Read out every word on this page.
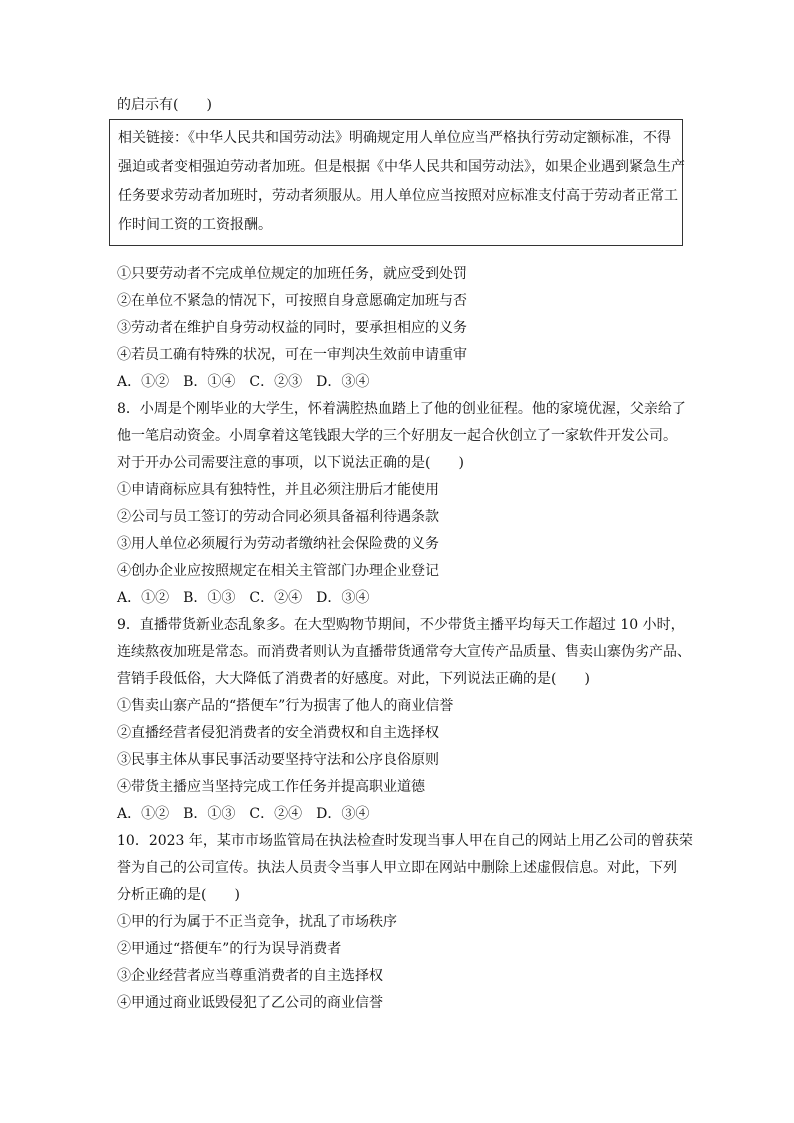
的启示有(　　)
相关链接：《中华人民共和国劳动法》明确规定用人单位应当严格执行劳动定额标准，不得
强迫或者变相强迫劳动者加班。但是根据《中华人民共和国劳动法》，如果企业遇到紧急生产
任务要求劳动者加班时，劳动者须服从。用人单位应当按照对应标准支付高于劳动者正常工
作时间工资的工资报酬。
①只要劳动者不完成单位规定的加班任务，就应受到处罚
②在单位不紧急的情况下，可按照自身意愿确定加班与否
③劳动者在维护自身劳动权益的同时，要承担相应的义务
④若员工确有特殊的状况，可在一审判决生效前申请重审
A．①②　B．①④　C．②③　D．③④
8．小周是个刚毕业的大学生，怀着满腔热血踏上了他的创业征程。他的家境优渥，父亲给了
他一笔启动资金。小周拿着这笔钱跟大学的三个好朋友一起合伙创立了一家软件开发公司。
对于开办公司需要注意的事项，以下说法正确的是(　　)
①申请商标应具有独特性，并且必须注册后才能使用
②公司与员工签订的劳动合同必须具备福利待遇条款
③用人单位必须履行为劳动者缴纳社会保险费的义务
④创办企业应按照规定在相关主管部门办理企业登记
A．①②　B．①③　C．②④　D．③④
9．直播带货新业态乱象多。在大型购物节期间，不少带货主播平均每天工作超过 10 小时，
连续熬夜加班是常态。而消费者则认为直播带货通常夸大宣传产品质量、售卖山寨伪劣产品、
营销手段低俗，大大降低了消费者的好感度。对此，下列说法正确的是(　　)
①售卖山寨产品的“搭便车”行为损害了他人的商业信誉
②直播经营者侵犯消费者的安全消费权和自主选择权
③民事主体从事民事活动要坚持守法和公序良俗原则
④带货主播应当坚持完成工作任务并提高职业道德
A．①②　B．①③　C．②④　D．③④
10．2023 年，某市市场监管局在执法检查时发现当事人甲在自己的网站上用乙公司的曾获荣
誉为自己的公司宣传。执法人员责令当事人甲立即在网站中删除上述虚假信息。对此，下列
分析正确的是(　　)
①甲的行为属于不正当竞争，扰乱了市场秩序
②甲通过“搭便车”的行为误导消费者
③企业经营者应当尊重消费者的自主选择权
④甲通过商业诋毁侵犯了乙公司的商业信誉
